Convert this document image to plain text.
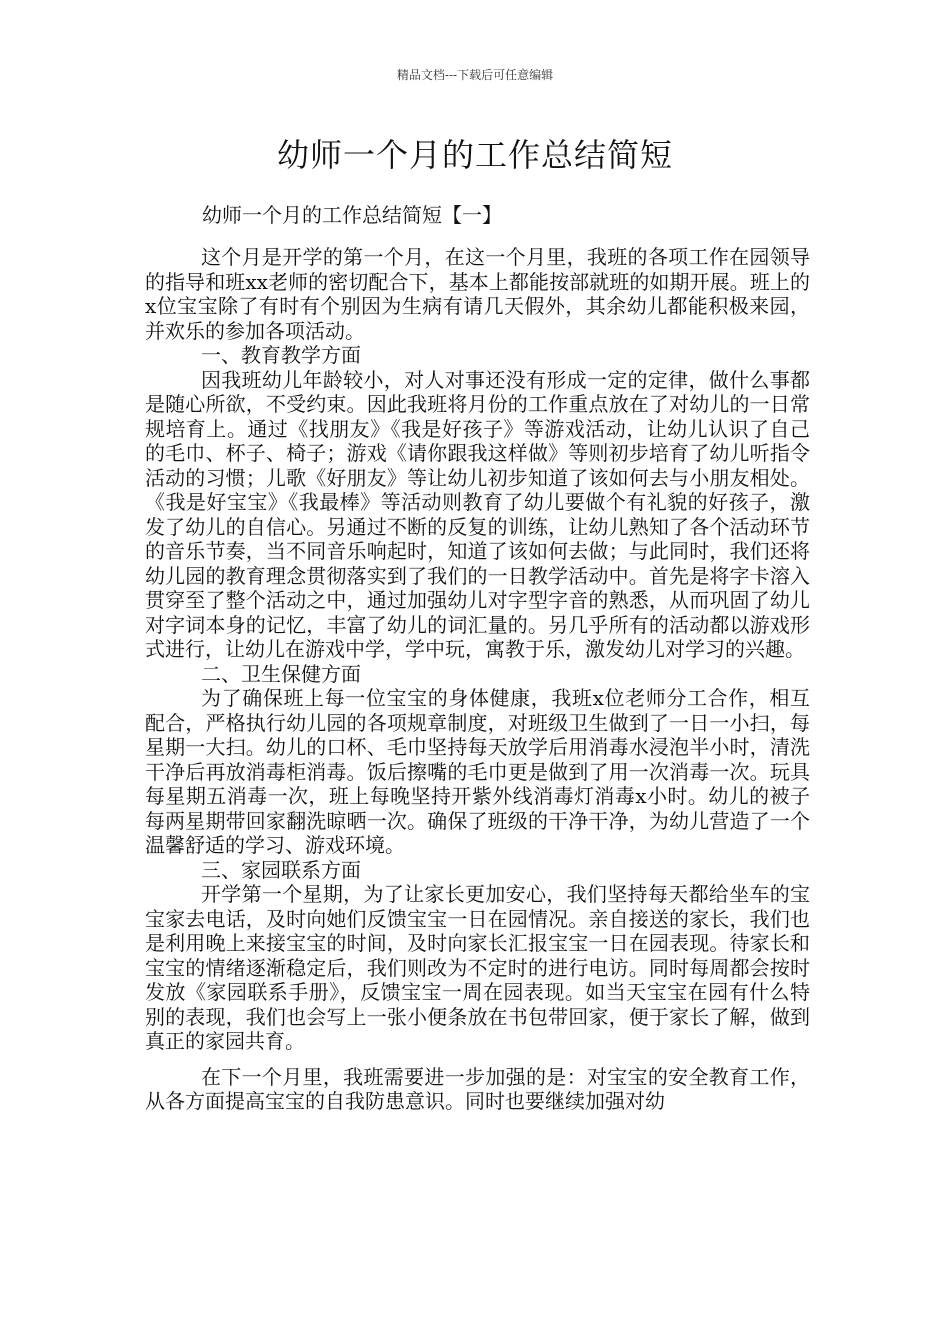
精品文档---下载后可任意编辑
幼师一个月的工作总结简短
幼师一个月的工作总结简短【一】

这个月是开学的第一个月，在这一个月里，我班的各项工作在园领导的指导和班xx老师的密切配合下，基本上都能按部就班的如期开展。班上的x位宝宝除了有时有个别因为生病有请几天假外，其余幼儿都能积极来园，并欢乐的参加各项活动。

一、教育教学方面

因我班幼儿年龄较小，对人对事还没有形成一定的定律，做什么事都是随心所欲，不受约束。因此我班将月份的工作重点放在了对幼儿的一日常规培育上。通过《找朋友》《我是好孩子》等游戏活动，让幼儿认识了自己的毛巾、杯子、椅子；游戏《请你跟我这样做》等则初步培育了幼儿听指令活动的习惯；儿歌《好朋友》等让幼儿初步知道了该如何去与小朋友相处。《我是好宝宝》《我最棒》等活动则教育了幼儿要做个有礼貌的好孩子，激发了幼儿的自信心。另通过不断的反复的训练，让幼儿熟知了各个活动环节的音乐节奏，当不同音乐响起时，知道了该如何去做；与此同时，我们还将幼儿园的教育理念贯彻落实到了我们的一日教学活动中。首先是将字卡溶入贯穿至了整个活动之中，通过加强幼儿对字型字音的熟悉，从而巩固了幼儿对字词本身的记忆，丰富了幼儿的词汇量的。另几乎所有的活动都以游戏形式进行，让幼儿在游戏中学，学中玩，寓教于乐，激发幼儿对学习的兴趣。

二、卫生保健方面

为了确保班上每一位宝宝的身体健康，我班x位老师分工合作，相互配合，严格执行幼儿园的各项规章制度，对班级卫生做到了一日一小扫，每星期一大扫。幼儿的口杯、毛巾坚持每天放学后用消毒水浸泡半小时，清洗干净后再放消毒柜消毒。饭后擦嘴的毛巾更是做到了用一次消毒一次。玩具每星期五消毒一次，班上每晚坚持开紫外线消毒灯消毒x小时。幼儿的被子每两星期带回家翻洗晾晒一次。确保了班级的干净干净，为幼儿营造了一个温馨舒适的学习、游戏环境。

三、家园联系方面

开学第一个星期，为了让家长更加安心，我们坚持每天都给坐车的宝宝家去电话，及时向她们反馈宝宝一日在园情况。亲自接送的家长，我们也是利用晚上来接宝宝的时间，及时向家长汇报宝宝一日在园表现。待家长和宝宝的情绪逐渐稳定后，我们则改为不定时的进行电访。同时每周都会按时发放《家园联系手册》，反馈宝宝一周在园表现。如当天宝宝在园有什么特别的表现，我们也会写上一张小便条放在书包带回家，便于家长了解，做到真正的家园共育。

在下一个月里，我班需要进一步加强的是：对宝宝的安全教育工作，从各方面提高宝宝的自我防患意识。同时也要继续加强对幼
